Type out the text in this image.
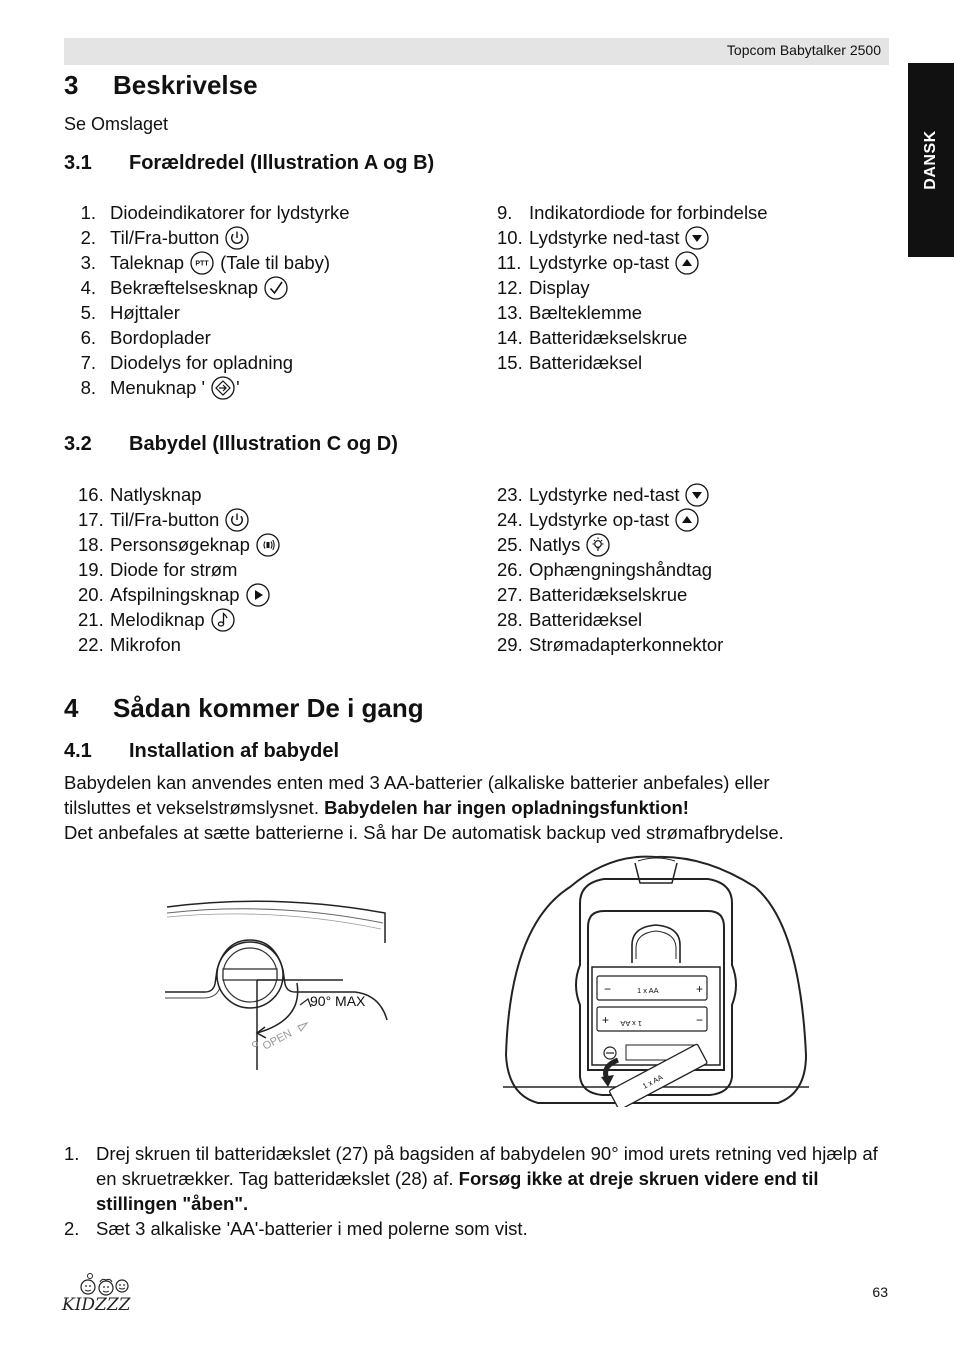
Topcom Babytalker 2500
DANSK
3 Beskrivelse
Se Omslaget
3.1 Forældredel (Illustration A og B)
1. Diodeindikatorer for lydstyrke
2. Til/Fra-button
3. Taleknap PTT (Tale til baby)
4. Bekræftelsesknap
5. Højttaler
6. Bordoplader
7. Diodelys for opladning
8. Menuknap ' '
9. Indikatordiode for forbindelse
10. Lydstyrke ned-tast
11. Lydstyrke op-tast
12. Display
13. Bælteklemme
14. Batteridækselskrue
15. Batteridæksel
3.2 Babydel (Illustration C og D)
16. Natlysknap
17. Til/Fra-button
18. Personsøgeknap
19. Diode for strøm
20. Afspilningsknap
21. Melodiknap
22. Mikrofon
23. Lydstyrke ned-tast
24. Lydstyrke op-tast
25. Natlys
26. Ophængningshåndtag
27. Batteridækselskrue
28. Batteridæksel
29. Strømadapterkonnektor
4 Sådan kommer De i gang
4.1 Installation af babydel
Babydelen kan anvendes enten med 3 AA-batterier (alkaliske batterier anbefales) eller
tilsluttes et vekselstrømslysnet. Babydelen har ingen opladningsfunktion!
Det anbefales at sætte batterierne i. Så har De automatisk backup ved strømafbrydelse.
90° MAX
OPEN
−	+
1 x AA
+	−
1 x AA
1 x AA
1. Drej skruen til batteridækslet (27) på bagsiden af babydelen 90° imod urets retning ved hjælp af en skruetrækker. Tag batteridækslet (28) af. Forsøg ikke at dreje skruen videre end til stillingen "åben".
2. Sæt 3 alkaliske 'AA'-batterier i med polerne som vist.
KIDZZZ
63
